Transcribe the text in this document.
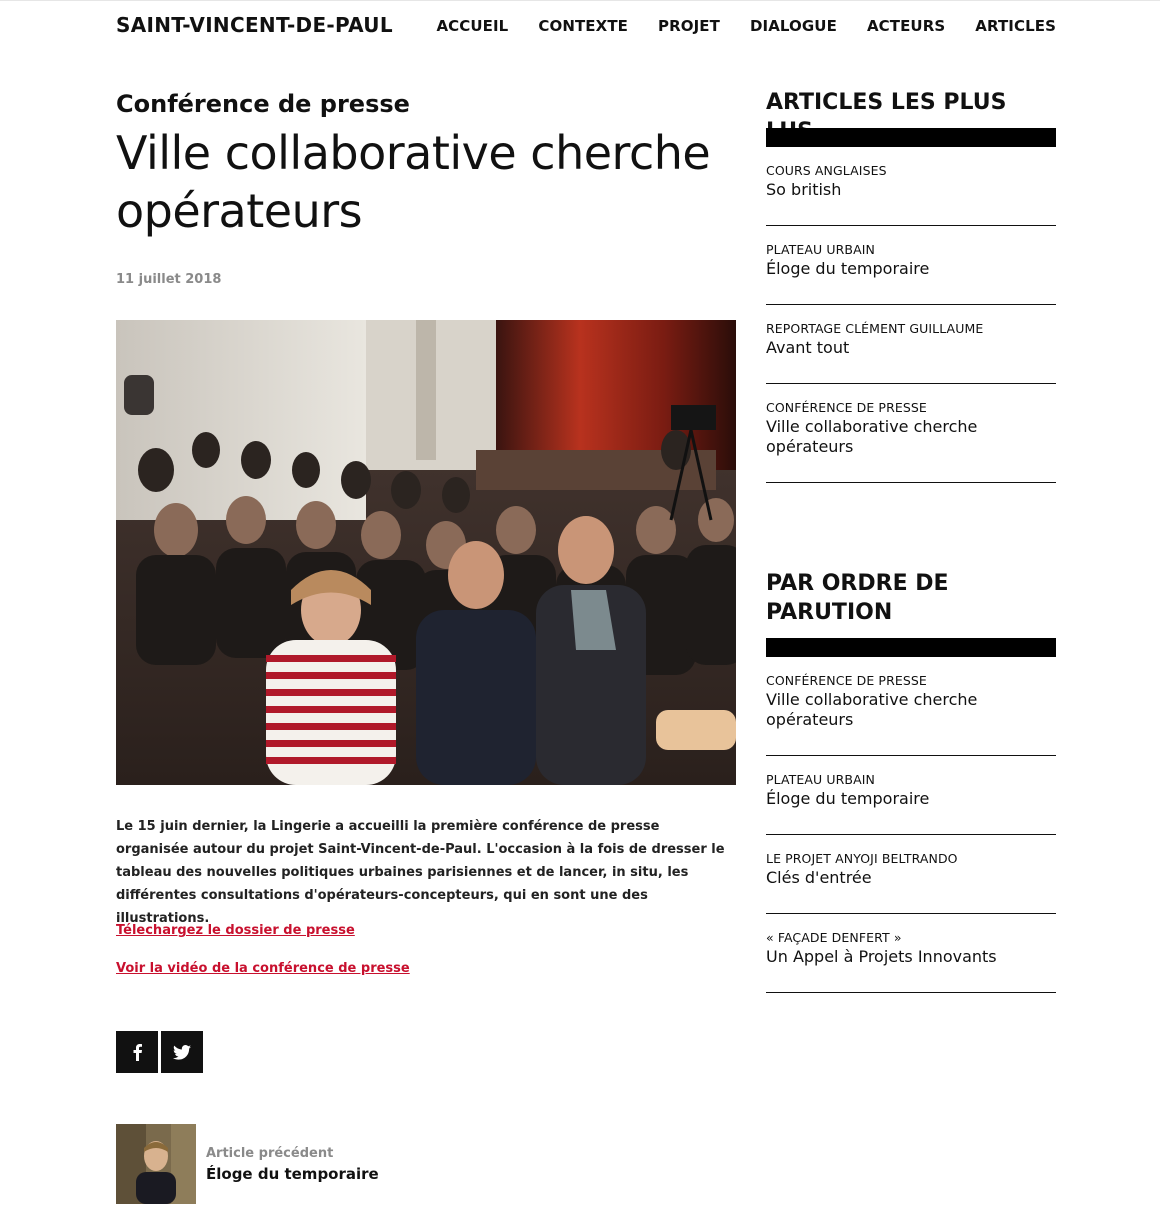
SAINT-VINCENT-DE-PAUL	ACCUEIL CONTEXTE PROJET DIALOGUE ACTEURS ARTICLES
Conférence de presse
Ville collaborative cherche opérateurs
11 juillet 2018

Le 15 juin dernier, la Lingerie a accueilli la première conférence de presse organisée autour du projet Saint-Vincent-de-Paul. L'occasion à la fois de dresser le tableau des nouvelles politiques urbaines parisiennes et de lancer, in situ, les différentes consultations d'opérateurs-concepteurs, qui en sont une des illustrations.

Télechargez le dossier de presse
Voir la vidéo de la conférence de presse
Article précédent
Éloge du temporaire
ARTICLES LES PLUS
COURS ANGLAISES
So british
PLATEAU URBAIN
Éloge du temporaire
REPORTAGE CLÉMENT GUILLAUME
Avant tout
CONFÉRENCE DE PRESSE
Ville collaborative cherche opérateurs
PAR ORDRE DE PARUTION
CONFÉRENCE DE PRESSE
Ville collaborative cherche opérateurs
PLATEAU URBAIN
Éloge du temporaire
LE PROJET ANYOJI BELTRANDO
Clés d'entrée
« FAÇADE DENFERT »
Un Appel à Projets Innovants
